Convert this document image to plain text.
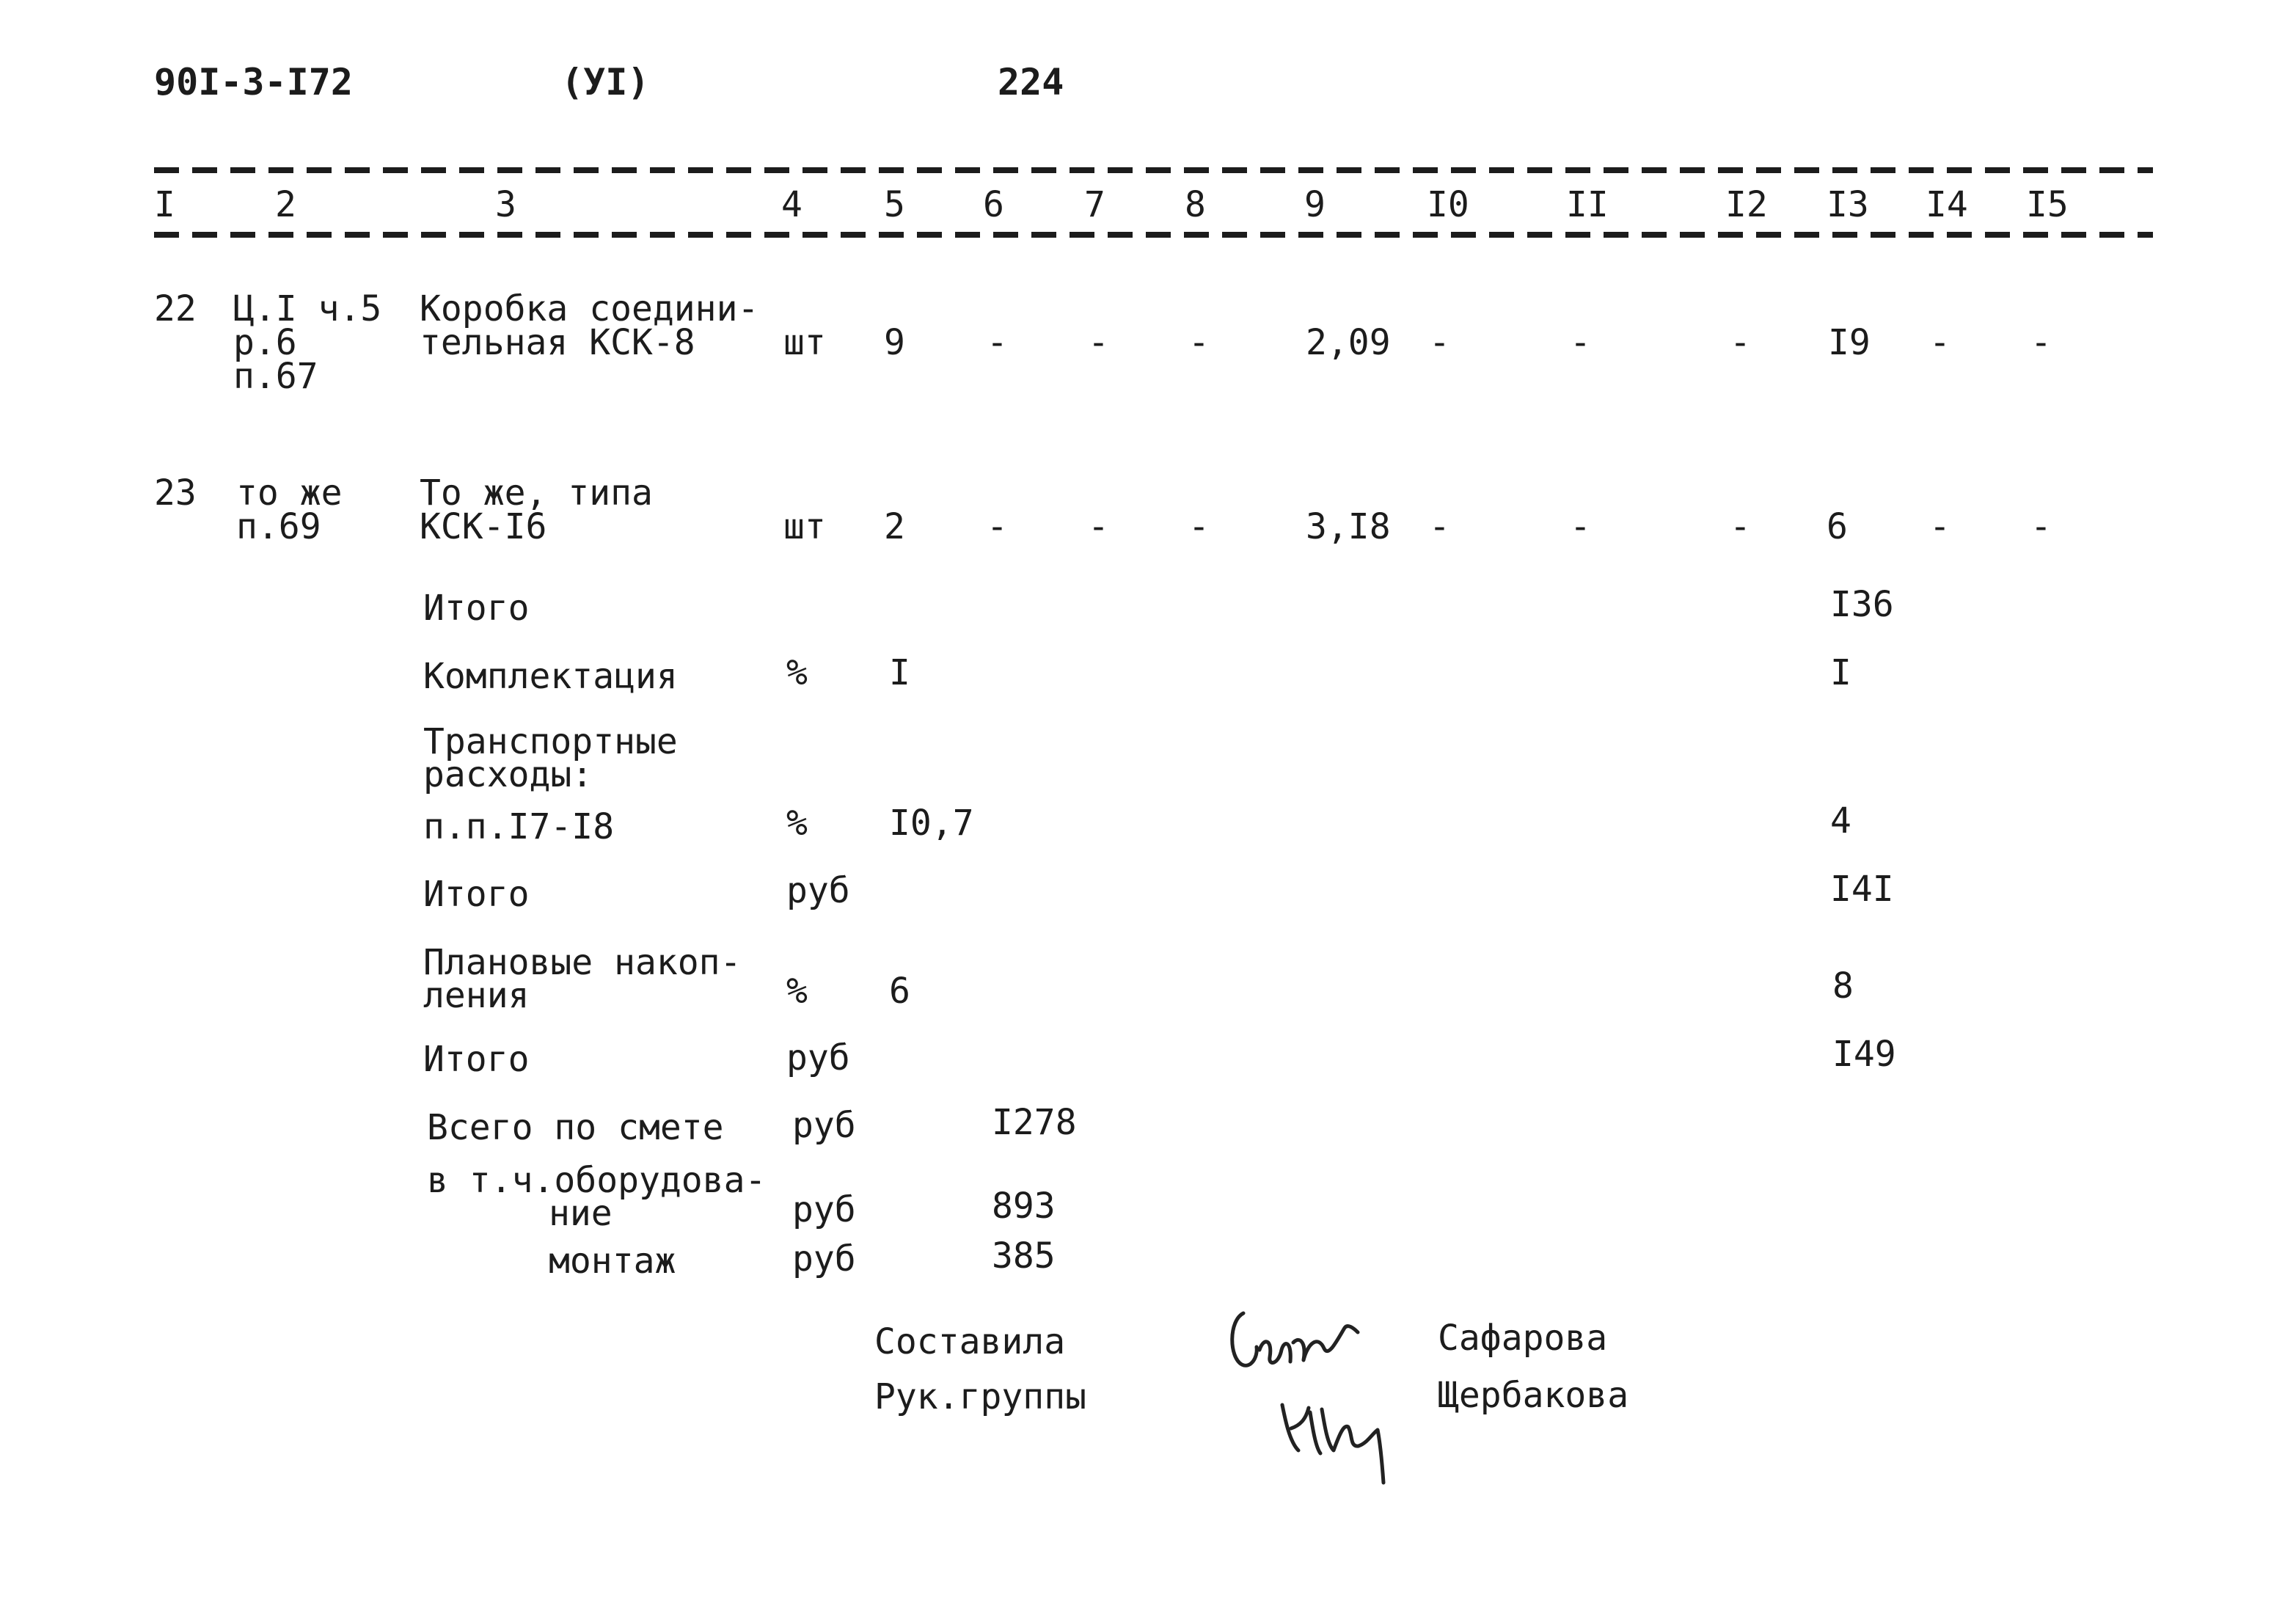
90I-3-I72	(УI)	224
I	2	3	4 5 6 7 8	9	I0	II	I2 I3 I4 I5
22 Ц.I ч.5
р.6
п.67
Коробка соедини-
тельная КСК-8	шт 9 - - -	2,09 -	-	- I9 - -
23 то же
п.69
То же, типа
КСК-I6	шт 2 - - -	3,I8 -	-	- 6 - -
Итого	I36
Комплектация	% I	I
Транспортные
расходы:
п.п.I7-I8	% I0,7	4
Итого	руб	I4I
Плановые накоп-
ления	% 6	8
Итого	руб	I49
Всего по смете руб	I278
в т.ч.оборудова-
ние	руб	893
монтаж	руб	385
Составила
Рук.группы
Сафарова
Щербакова
